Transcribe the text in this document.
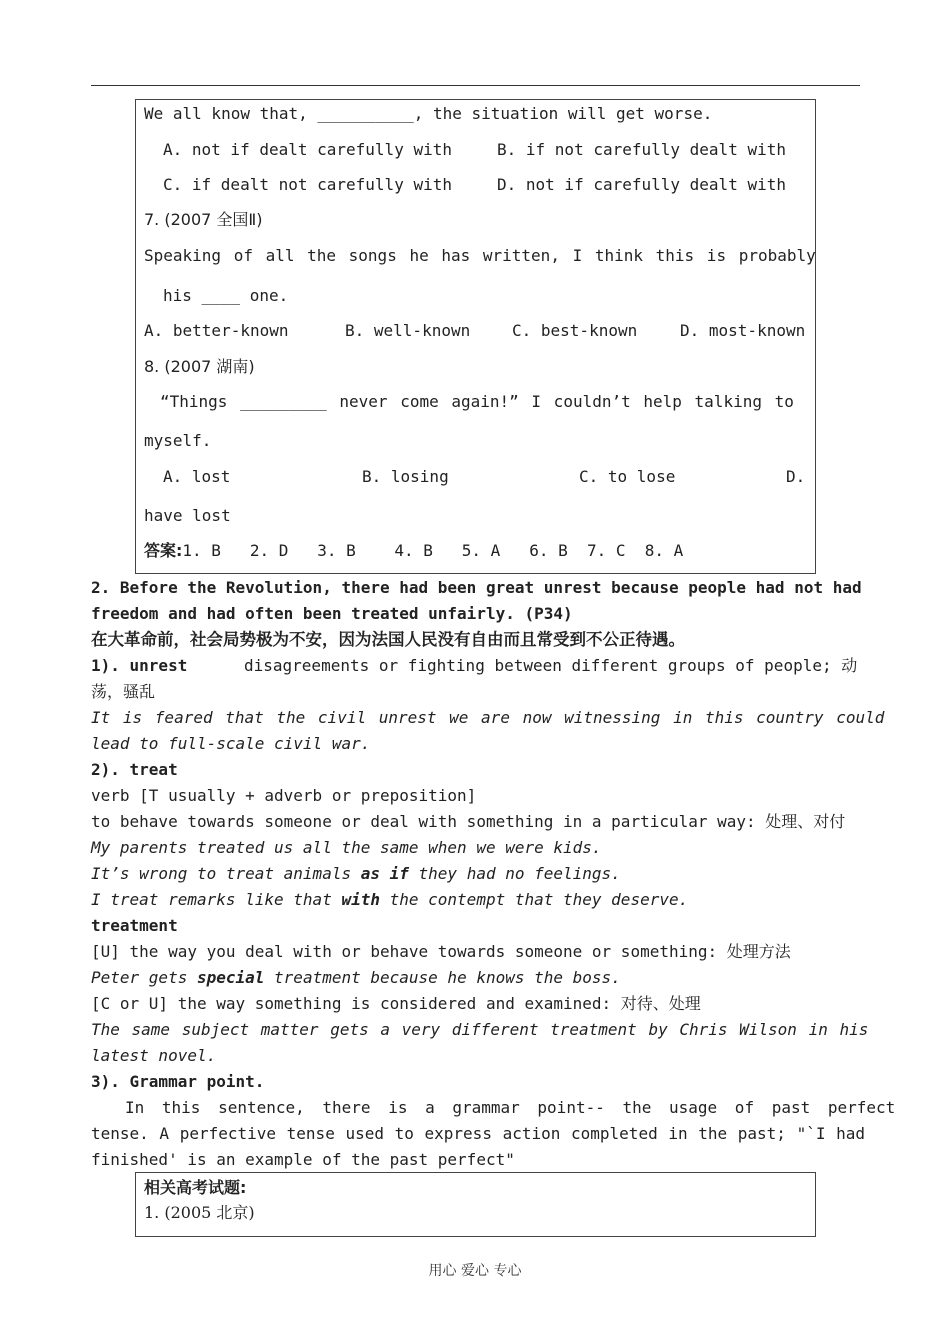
We all know that, __________, the situation will get worse.
A. not if dealt carefully with	B. if not carefully dealt with
C. if dealt not carefully with	D. not if carefully dealt with
7. (2007 全国Ⅱ)
Speaking of all the songs he has written, I think this is probably
his ____ one.
A. better-known	B. well-known	C. best-known	D. most-known
8. (2007 湖南)
“Things _________ never come again!” I couldn’t help talking to
myself.
A. lost	B. losing	C. to lose	D.
have lost
答案:1. B   2. D   3. B    4. B   5. A   6. B  7. C  8. A
2. Before the Revolution, there had been great unrest because people had not had
freedom and had often been treated unfairly. (P34)
在大革命前，社会局势极为不安，因为法国人民没有自由而且常受到不公正待遇。
1). unrest	disagreements or fighting between different groups of people; 动
荡，骚乱
It is feared that the civil unrest we are now witnessing in this country could
lead to full-scale civil war.
2). treat
verb [T usually + adverb or preposition]
to behave towards someone or deal with something in a particular way: 处理、对付
My parents treated us all the same when we were kids.
It’s wrong to treat animals as if they had no feelings.
I treat remarks like that with the contempt that they deserve.
treatment
[U] the way you deal with or behave towards someone or something: 处理方法
Peter gets special treatment because he knows the boss.
[C or U] the way something is considered and examined: 对待、处理
The same subject matter gets a very different treatment by Chris Wilson in his
latest novel.
3). Grammar point.
In this sentence, there is a grammar point-- the usage of past perfect
tense. A perfective tense used to express action completed in the past; "`I had
finished' is an example of the past perfect"
相关高考试题:
1. (2005 北京)
用心 爱心 专心
